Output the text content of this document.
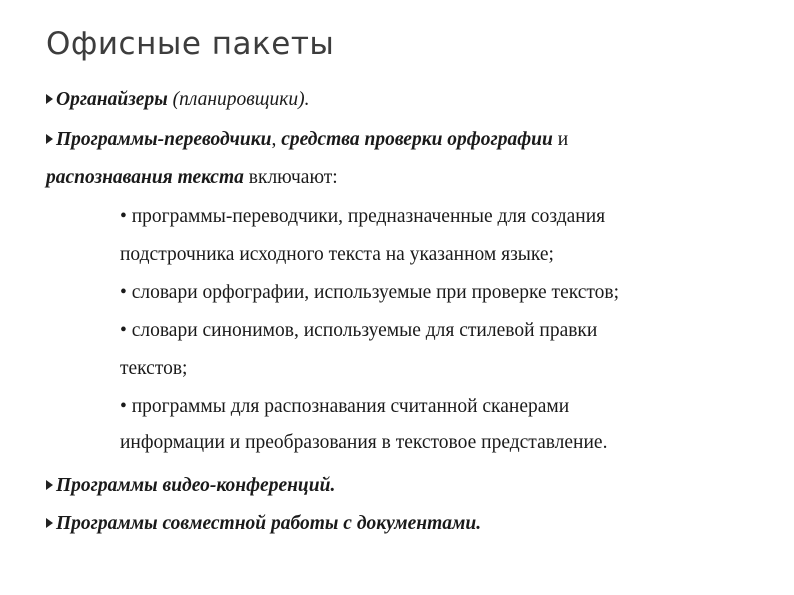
Офисные пакеты
Органайзеры (планировщики).
Программы-переводчики, средства проверки орфографии и
распознавания текста включают:
• программы-переводчики, предназначенные для создания
подстрочника исходного текста на указанном языке;
• словари орфографии, используемые при проверке текстов;
• словари синонимов, используемые для стилевой правки
текстов;
• программы для распознавания считанной сканерами
информации и преобразования в текстовое представление.
Программы видео-конференций.
Программы совместной работы с документами.
